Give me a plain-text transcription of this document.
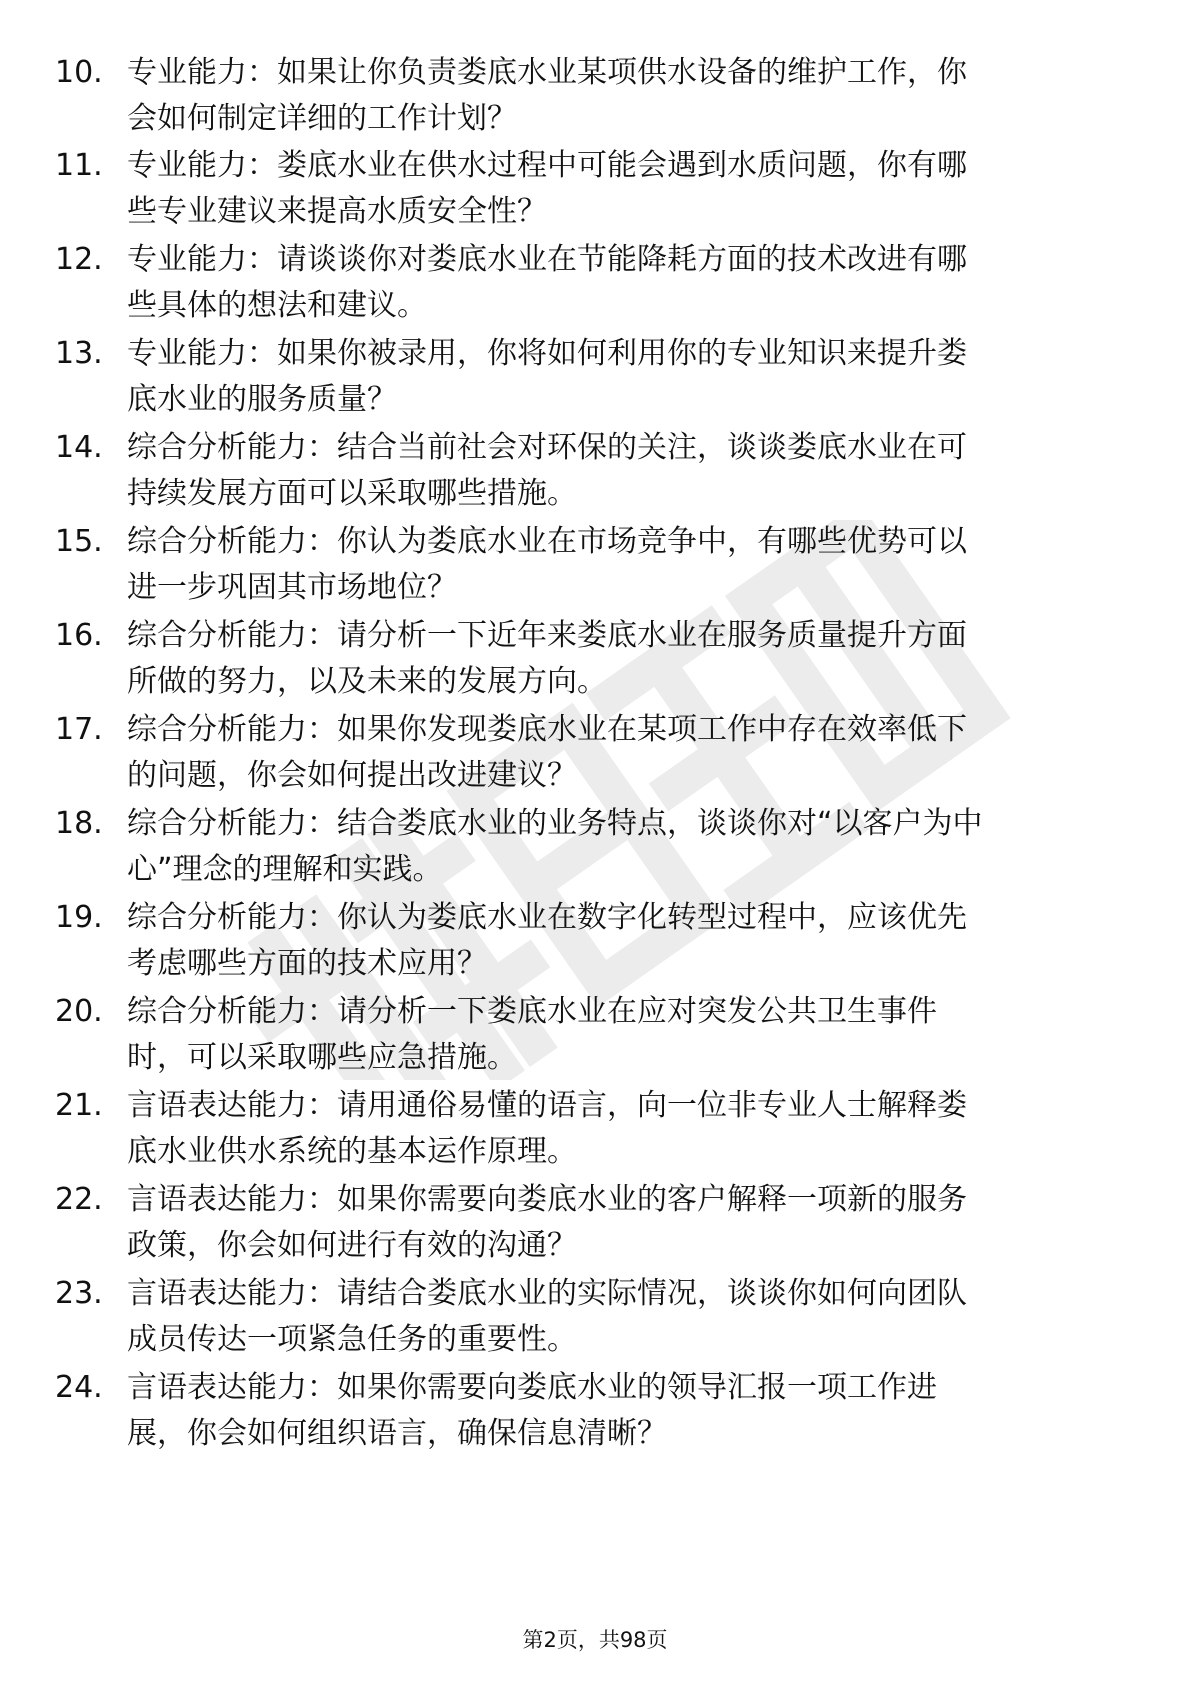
10. 专业能力：如果让你负责娄底水业某项供水设备的维护工作，你
会如何制定详细的工作计划？
11. 专业能力：娄底水业在供水过程中可能会遇到水质问题，你有哪
些专业建议来提高水质安全性？
12. 专业能力：请谈谈你对娄底水业在节能降耗方面的技术改进有哪
些具体的想法和建议。
13. 专业能力：如果你被录用，你将如何利用你的专业知识来提升娄
底水业的服务质量？
14. 综合分析能力：结合当前社会对环保的关注，谈谈娄底水业在可
持续发展方面可以采取哪些措施。
15. 综合分析能力：你认为娄底水业在市场竞争中，有哪些优势可以
进一步巩固其市场地位？
16. 综合分析能力：请分析一下近年来娄底水业在服务质量提升方面
所做的努力，以及未来的发展方向。
17. 综合分析能力：如果你发现娄底水业在某项工作中存在效率低下
的问题，你会如何提出改进建议？
18. 综合分析能力：结合娄底水业的业务特点，谈谈你对“以客户为中
心”理念的理解和实践。
19. 综合分析能力：你认为娄底水业在数字化转型过程中，应该优先
考虑哪些方面的技术应用？
20. 综合分析能力：请分析一下娄底水业在应对突发公共卫生事件
时，可以采取哪些应急措施。
21. 言语表达能力：请用通俗易懂的语言，向一位非专业人士解释娄
底水业供水系统的基本运作原理。
22. 言语表达能力：如果你需要向娄底水业的客户解释一项新的服务
政策，你会如何进行有效的沟通？
23. 言语表达能力：请结合娄底水业的实际情况，谈谈你如何向团队
成员传达一项紧急任务的重要性。
24. 言语表达能力：如果你需要向娄底水业的领导汇报一项工作进
展，你会如何组织语言，确保信息清晰？
第2页，共98页
